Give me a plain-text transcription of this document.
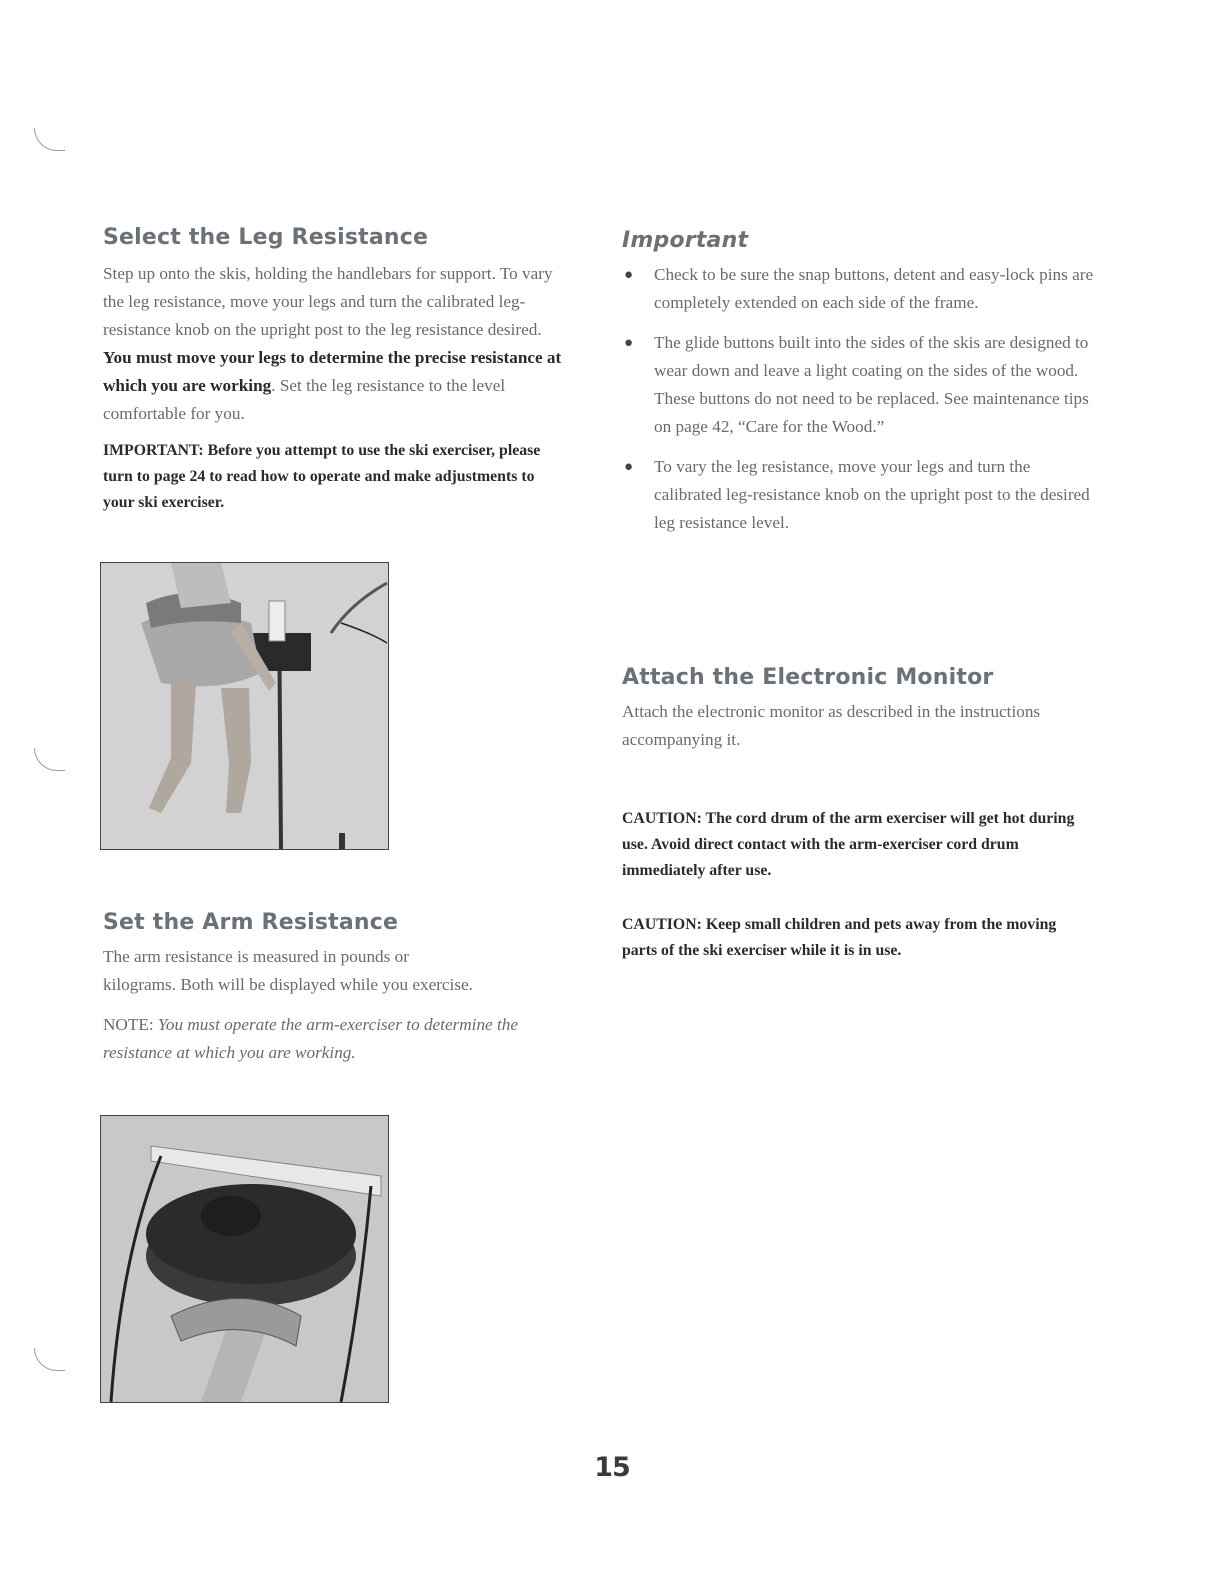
Select the Leg Resistance

Step up onto the skis, holding the handlebars for support. To vary the leg resistance, move your legs and turn the calibrated leg-resistance knob on the upright post to the leg resistance desired. You must move your legs to determine the precise resistance at which you are working. Set the leg resistance to the level comfortable for you.

IMPORTANT: Before you attempt to use the ski exerciser, please turn to page 24 to read how to operate and make adjustments to your ski exerciser.

Set the Arm Resistance

The arm resistance is measured in pounds or kilograms. Both will be displayed while you exercise.

NOTE: You must operate the arm-exerciser to determine the resistance at which you are working.

Important
● Check to be sure the snap buttons, detent and easy-lock pins are completely extended on each side of the frame.
● The glide buttons built into the sides of the skis are designed to wear down and leave a light coating on the sides of the wood. These buttons do not need to be replaced. See maintenance tips on page 42, “Care for the Wood.”
● To vary the leg resistance, move your legs and turn the calibrated leg-resistance knob on the upright post to the desired leg resistance level.
Attach the Electronic Monitor

Attach the electronic monitor as described in the instructions accompanying it.

CAUTION: The cord drum of the arm exerciser will get hot during use. Avoid direct contact with the arm-exerciser cord drum immediately after use.

CAUTION: Keep small children and pets away from the moving parts of the ski exerciser while it is in use.

15
